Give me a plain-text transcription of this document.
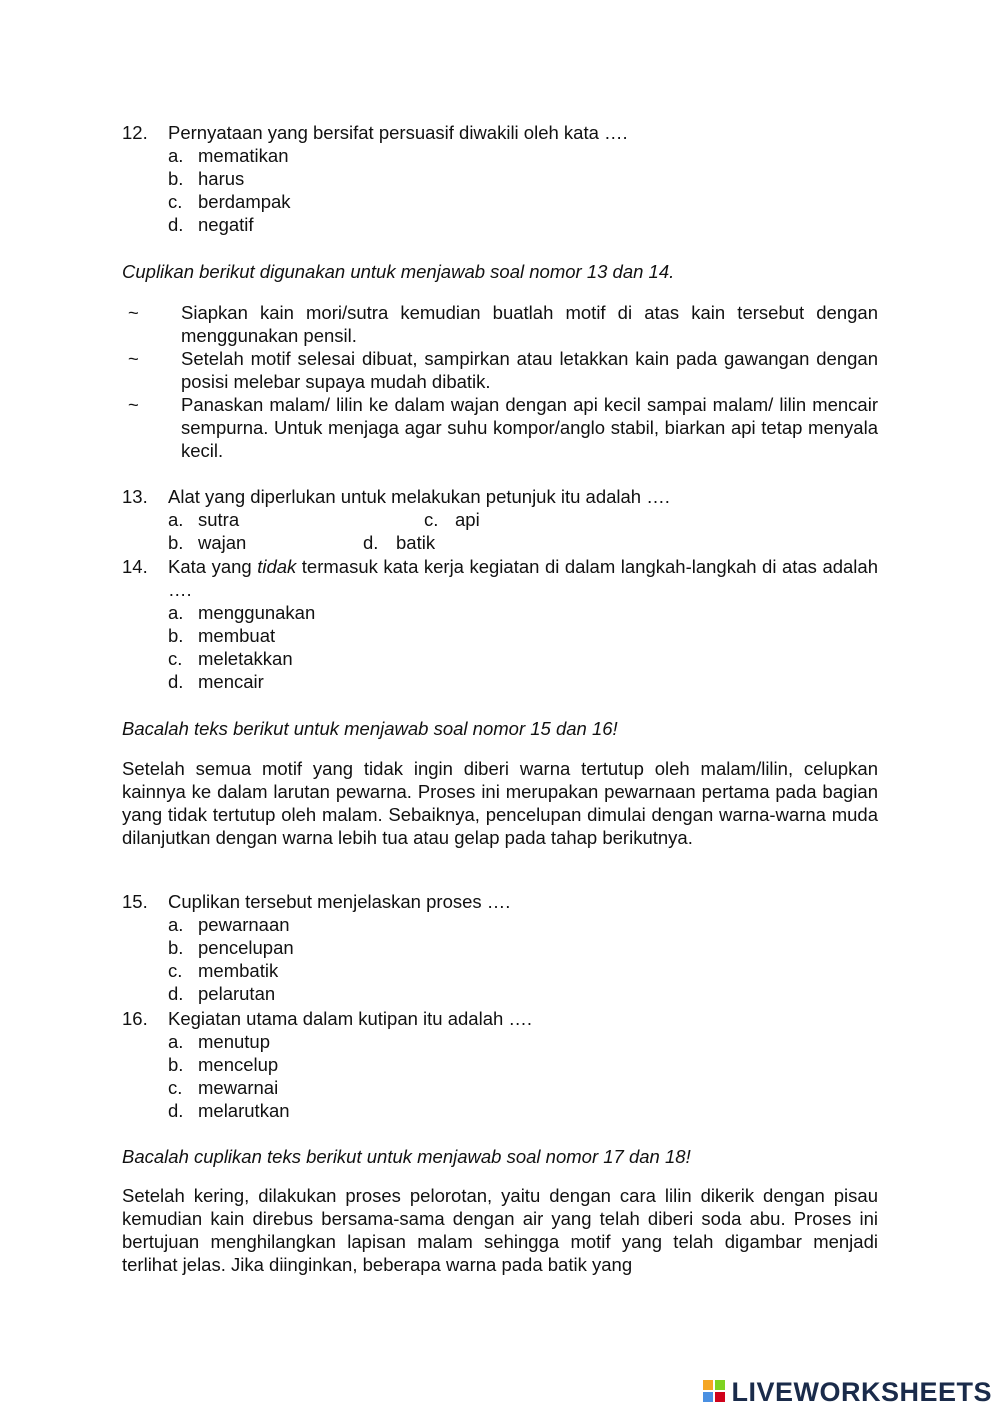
12. Pernyataan yang bersifat persuasif diwakili oleh kata ….
a. mematikan
b. harus
c. berdampak
d. negatif
Cuplikan berikut digunakan untuk menjawab soal nomor 13 dan 14.
~ Siapkan kain mori/sutra kemudian buatlah motif di atas kain tersebut dengan menggunakan pensil.
~ Setelah motif selesai dibuat, sampirkan atau letakkan kain pada gawangan dengan posisi melebar supaya mudah dibatik.
~ Panaskan malam/ lilin ke dalam wajan dengan api kecil sampai malam/ lilin mencair sempurna. Untuk menjaga agar suhu kompor/anglo stabil, biarkan api tetap menyala kecil.
13. Alat yang diperlukan untuk melakukan petunjuk itu adalah ….
a. sutra	c. api
b. wajan	d. batik
14. Kata yang tidak termasuk kata kerja kegiatan di dalam langkah-langkah di atas adalah ….
a. menggunakan
b. membuat
c. meletakkan
d. mencair
Bacalah teks berikut untuk menjawab soal nomor 15 dan 16!
Setelah semua motif yang tidak ingin diberi warna tertutup oleh malam/lilin, celupkan kainnya ke dalam larutan pewarna. Proses ini merupakan pewarnaan pertama pada bagian yang tidak tertutup oleh malam. Sebaiknya, pencelupan dimulai dengan warna-warna muda dilanjutkan dengan warna lebih tua atau gelap pada tahap berikutnya.
15. Cuplikan tersebut menjelaskan proses ….
a. pewarnaan
b. pencelupan
c. membatik
d. pelarutan
16. Kegiatan utama dalam kutipan itu adalah ….
a. menutup
b. mencelup
c. mewarnai
d. melarutkan
Bacalah cuplikan teks berikut untuk menjawab soal nomor 17 dan 18!
Setelah kering, dilakukan proses pelorotan, yaitu dengan cara lilin dikerik dengan pisau kemudian kain direbus bersama-sama dengan air yang telah diberi soda abu. Proses ini bertujuan menghilangkan lapisan malam sehingga motif yang telah digambar menjadi terlihat jelas. Jika diinginkan, beberapa warna pada batik yang
LIVEWORKSHEETS
